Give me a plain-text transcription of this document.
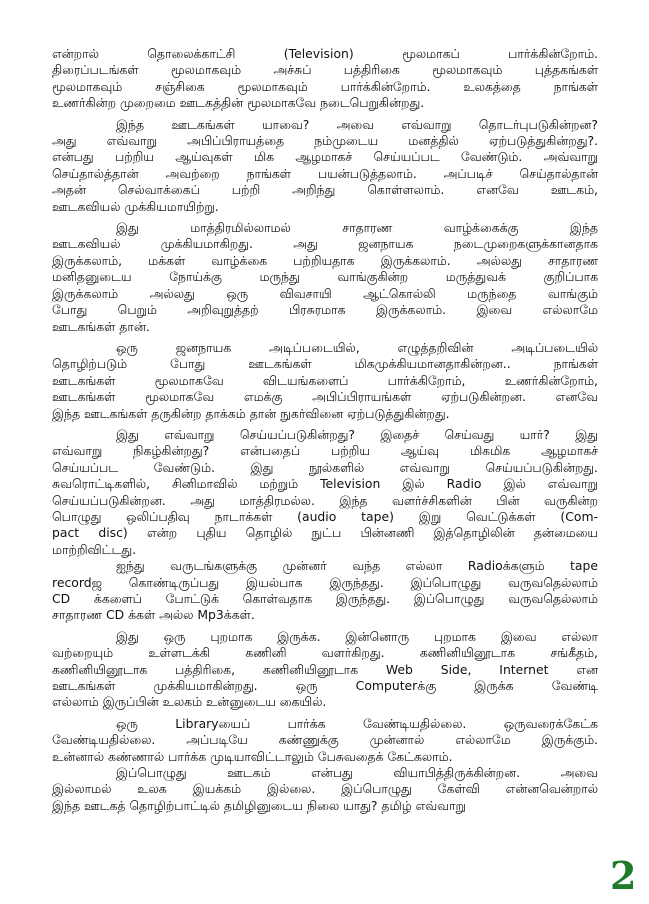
என்றால் தொலைக்காட்சி (Television) மூலமாகப் பார்க்கின்றோம்.

திரைப்படங்கள் மூலமாகவும் அச்சுப் பத்திரிகை மூலமாகவும் புத்தகங்கள்

மூலமாகவும் சஞ்சிகை மூலமாகவும் பார்க்கின்றோம். உலகத்தை நாங்கள்

உணர்கின்ற முறைமை ஊடகத்தின் மூலமாகவே நடைபெறுகின்றது.

இந்த ஊடகங்கள் யாவை? அவை எவ்வாறு தொடர்புபடுகின்றன?

அது எவ்வாறு அபிப்பிராயத்தை நம்முடைய மனத்தில் ஏற்படுத்துகின்றது?.

என்பது பற்றிய ஆய்வுகள் மிக ஆழமாகச் செய்யப்பட வேண்டும். அவ்வாறு

செய்தால்த்தான் அவற்றை நாங்கள் பயன்படுத்தலாம். அப்படிச் செய்தால்தான்

அதன் செல்வாக்கைப் பற்றி அறிந்து கொள்ளலாம். எனவே ஊடகம்,

ஊடகவியல் முக்கியமாயிற்று.

இது மாத்திரமில்லாமல் சாதாரண வாழ்க்கைக்கு இந்த

ஊடகவியல் முக்கியமாகிறது. அது ஜனநாயக நடைமுறைகளுக்கானதாக

இருக்கலாம், மக்கள் வாழ்க்கை பற்றியதாக இருக்கலாம். அல்லது சாதாரண

மனிதனுடைய நோய்க்கு மருந்து வாங்குகின்ற மருத்துவக் குறிப்பாக

இருக்கலாம் அல்லது ஒரு விவசாயி ஆட்கொல்லி மருந்தை வாங்கும்

போது பெறும் அறிவுறுத்தற் பிரசுரமாக இருக்கலாம். இவை எல்லாமே

ஊடகங்கள் தான்.

ஒரு ஜனநாயக அடிப்படையில், எழுத்தறிவின் அடிப்படையில்

தொழிற்படும் போது ஊடகங்கள் மிகமுக்கியமானதாகின்றன.. நாங்கள்

ஊடகங்கள் மூலமாகவே விடயங்களைப் பார்க்கிறோம், உணர்கின்றோம்,

ஊடகங்கள் மூலமாகவே எமக்கு அபிப்பிராயங்கள் ஏற்படுகின்றன. எனவே

இந்த ஊடகங்கள் தருகின்ற தாக்கம் தான் நுகர்வினை ஏற்படுத்துகின்றது.

இது எவ்வாறு செய்யப்படுகின்றது? இதைச் செய்வது யார்? இது

எவ்வாறு நிகழ்கின்றது? என்பதைப் பற்றிய ஆய்வு மிகமிக ஆழமாகச்

செய்யப்பட வேண்டும். இது நூல்களில் எவ்வாறு செய்யப்படுகின்றது.

சுவரொட்டிகளில், சினிமாவில் மற்றும் Television இல் Radio இல் எவ்வாறு

செய்யப்படுகின்றன. அது மாத்திரமல்ல. இந்த வளர்ச்சிகளின் பின் வருகின்ற

பொழுது ஒலிப்பதிவு நாடாக்கள் (audio tape) இறு வெட்டுக்கள் (Com-

pact disc) என்ற புதிய தொழில் நுட்ப பின்னணி இத்தொழிலின் தன்மையை

மாற்றிவிட்டது.

ஐந்து வருடங்களுக்கு முன்னர் வந்த எல்லா Radioக்களும் tape

recordஜ கொண்டிருப்பது இயல்பாக இருந்தது. இப்பொழுது வருவதெல்லாம்

CD க்களைப் போட்டுக் கொள்வதாக இருந்தது. இப்பொழுது வருவதெல்லாம்

சாதாரண CD க்கள் அல்ல Mp3க்கள்.

இது ஒரு புறமாக இருக்க. இன்னொரு புறமாக இவை எல்லா

வற்றையும் உள்ளடக்கி கணினி வளர்கிறது. கணினியினூடாக சங்கீதம்,

கணினியினூடாக பத்திரிகை, கணினியினூடாக Web Side, Internet என

ஊடகங்கள் முக்கியமாகின்றது. ஒரு Computerக்கு இருக்க வேண்டி

எல்லாம் இருப்பின் உலகம் உன்னுடைய கையில்.

ஒரு Libraryயைப் பார்க்க வேண்டியதில்லை. ஒருவரைக்கேட்க

வேண்டியதில்லை. அப்படியே கண்ணுக்கு முன்னால் எல்லாமே இருக்கும்.

உன்னால் கண்ணால் பார்க்க முடியாவிட்டாலும் பேசுவதைக் கேட்கலாம்.

இப்பொழுது ஊடகம் என்பது வியாபித்திருக்கின்றன. அவை

இல்லாமல் உலக இயக்கம் இல்லை. இப்பொழுது கேள்வி என்னவென்றால்

இந்த ஊடகத் தொழிற்பாட்டில் தமிழினுடைய நிலை யாது? தமிழ் எவ்வாறு

2
